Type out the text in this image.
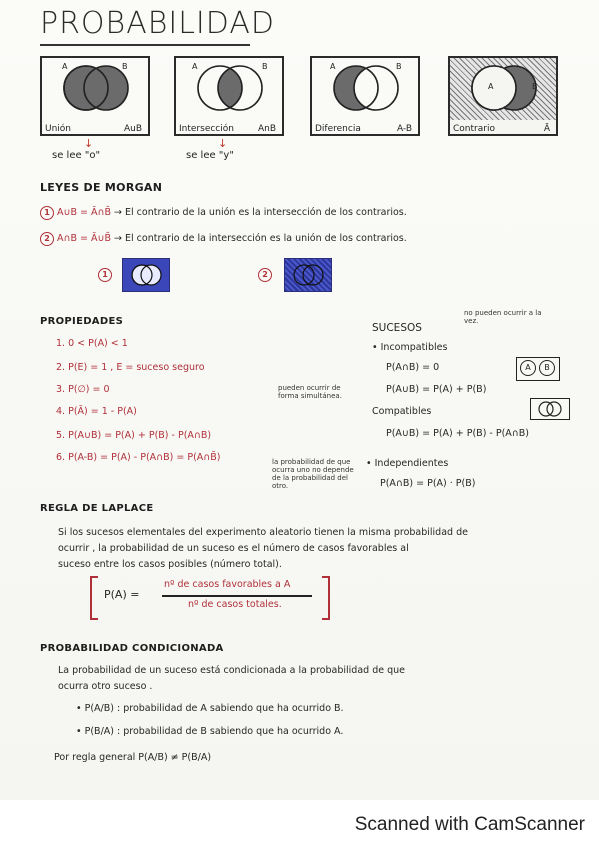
PROBABILIDAD
A	B
Unión	AuB
A	B
Intersección	AnB
A	B
Diferencia	A-B
A	B
Contrario	Ā
↓	↓
se lee "o"	se lee "y"
LEYES DE MORGAN
1 A∪B = Ā∩B̄ → El contrario de la unión es la intersección de los contrarios.
2 A∩B = Ā∪B̄ → El contrario de la intersección es la unión de los contrarios.
1	2
PROPIEDADES
1. 0 < P(A) < 1
2. P(E) = 1 , E = suceso seguro
3. P(∅) = 0
4. P(Ā) = 1 - P(A)
5. P(A∪B) = P(A) + P(B) - P(A∩B)
6. P(A-B) = P(A) - P(A∩B) = P(A∩B̄)
SUCESOS
no pueden ocurrir a la vez.
• Incompatibles
P(A∩B) = 0
P(A∪B) = P(A) + P(B)
A	B
pueden ocurrir de forma simultánea.
Compatibles
P(A∪B) = P(A) + P(B) - P(A∩B)
la probabilidad de que ocurra uno no depende de la probabilidad del otro.
• Independientes
P(A∩B) = P(A) · P(B)
REGLA DE LAPLACE
Si los sucesos elementales del experimento aleatorio tienen la misma probabilidad de
ocurrir , la probabilidad de un suceso es el número de casos favorables al
suceso entre los casos posibles (número total).
P(A) =
nº de casos favorables a A
nº de casos totales.
PROBABILIDAD CONDICIONADA
La probabilidad de un suceso está condicionada a la probabilidad de que
ocurra otro suceso .
• P(A/B) : probabilidad de A sabiendo que ha ocurrido B.
• P(B/A) : probabilidad de B sabiendo que ha ocurrido A.
Por regla general P(A/B) ≠ P(B/A)
Scanned with CamScanner
